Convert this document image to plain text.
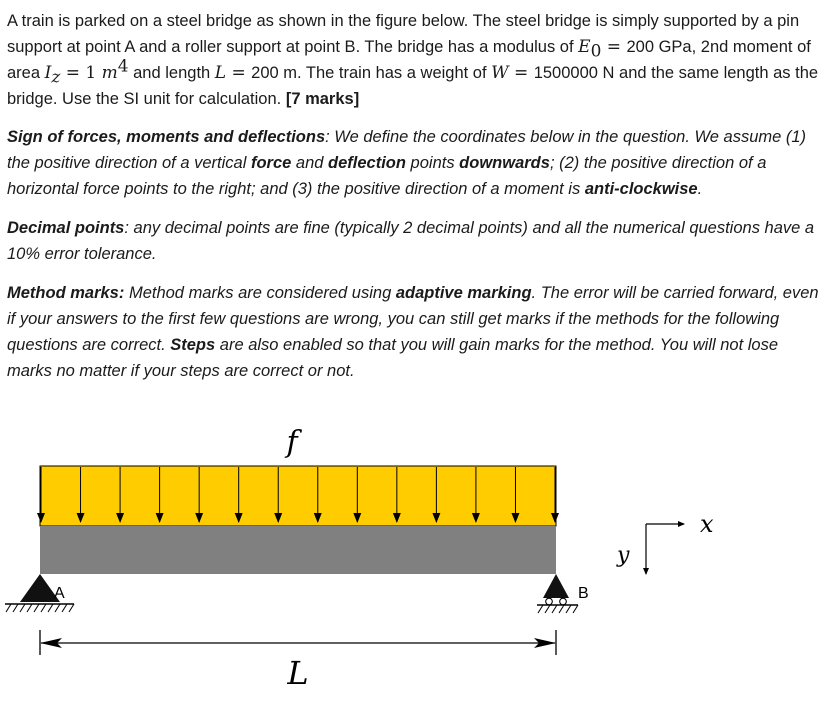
A train is parked on a steel bridge as shown in the figure below. The steel bridge is simply supported by a pin support at point A and a roller support at point B. The bridge has a modulus of $E_0 = 200$ GPa, 2nd moment of area $I_z = 1$ $m^4$ and length L = 200 m. The train has a weight of W = 1500000 N and the same length as the bridge. Use the SI unit for calculation. [7 marks]

Sign of forces, moments and deflections: We define the coordinates below in the question. We assume (1) the positive direction of a vertical force and deflection points downwards; (2) the positive direction of a horizontal force points to the right; and (3) the positive direction of a moment is anti-clockwise.

Decimal points: any decimal points are fine (typically 2 decimal points) and all the numerical questions have a 10% error tolerance.

Method marks: Method marks are considered using adaptive marking. The error will be carried forward, even if your answers to the first few questions are wrong, you can still get marks if the methods for the following questions are correct. Steps are also enabled so that you will gain marks for the method. You will not lose marks no matter if your steps are correct or not.

f
A	B
L
x
y
